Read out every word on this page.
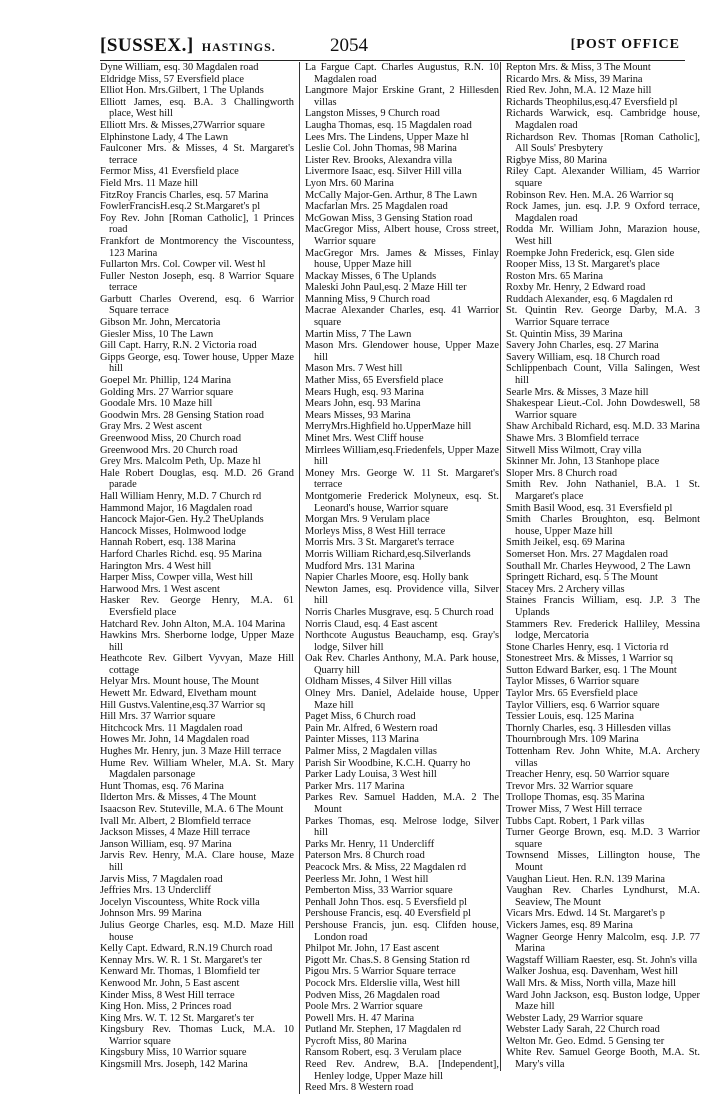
[SUSSEX.] HASTINGS.	2054	[POST OFFICE

Dyne William, esq. 30 Magdalen road

Eldridge Miss, 57 Eversfield place

Elliot Hon. Mrs.Gilbert, 1 The Uplands

Elliott James, esq. B.A. 3 Challingworth place, West hill

Elliott Mrs. & Misses,27Warrior square

Elphinstone Lady, 4 The Lawn

Faulconer Mrs. & Misses, 4 St. Margaret's terrace

Fermor Miss, 41 Eversfield place

Field Mrs. 11 Maze hill

FitzRoy Francis Charles, esq. 57 Marina

FowlerFrancisH.esq.2 St.Margaret's pl

Foy Rev. John [Roman Catholic], 1 Princes road

Frankfort de Montmorency the Viscountess, 123 Marina

Fullarton Mrs. Col. Cowper vil. West hl

Fuller Neston Joseph, esq. 8 Warrior Square terrace

Garbutt Charles Overend, esq. 6 Warrior Square terrace

Gibson Mr. John, Mercatoria

Giesler Miss, 10 The Lawn

Gill Capt. Harry, R.N. 2 Victoria road

Gipps George, esq. Tower house, Upper Maze hill

Goepel Mr. Phillip, 124 Marina

Golding Mrs. 27 Warrior square

Goodale Mrs. 10 Maze hill

Goodwin Mrs. 28 Gensing Station road

Gray Mrs. 2 West ascent

Greenwood Miss, 20 Church road

Greenwood Mrs. 20 Church road

Grey Mrs. Malcolm Peth, Up. Maze hl

Hale Robert Douglas, esq. M.D. 26 Grand parade

Hall William Henry, M.D. 7 Church rd

Hammond Major, 16 Magdalen road

Hancock Major-Gen. Hy.2 TheUplands

Hancock Misses, Holmwood lodge

Hannah Robert, esq. 138 Marina

Harford Charles Richd. esq. 95 Marina

Harington Mrs. 4 West hill

Harper Miss, Cowper villa, West hill

Harwood Mrs. 1 West ascent

Hasker Rev. George Henry, M.A. 61 Eversfield place

Hatchard Rev. John Alton, M.A. 104 Marina

Hawkins Mrs. Sherborne lodge, Upper Maze hill

Heathcote Rev. Gilbert Vyvyan, Maze Hill cottage

Helyar Mrs. Mount house, The Mount

Hewett Mr. Edward, Elvetham mount

Hill Gustvs.Valentine,esq.37 Warrior sq

Hill Mrs. 37 Warrior square

Hitchcock Mrs. 11 Magdalen road

Howes Mr. John, 14 Magdalen road

Hughes Mr. Henry, jun. 3 Maze Hill terrace

Hume Rev. William Wheler, M.A. St. Mary Magdalen parsonage

Hunt Thomas, esq. 76 Marina

Ilderton Mrs. & Misses, 4 The Mount

Isaacson Rev. Stuteville, M.A. 6 The Mount

Ivall Mr. Albert, 2 Blomfield terrace

Jackson Misses, 4 Maze Hill terrace

Janson William, esq. 97 Marina

Jarvis Rev. Henry, M.A. Clare house, Maze hill

Jarvis Miss, 7 Magdalen road

Jeffries Mrs. 13 Undercliff

Jocelyn Viscountess, White Rock villa

Johnson Mrs. 99 Marina

Julius George Charles, esq. M.D. Maze Hill house

Kelly Capt. Edward, R.N.19 Church road

Kennay Mrs. W. R. 1 St. Margaret's ter

Kenward Mr. Thomas, 1 Blomfield ter

Kenwood Mr. John, 5 East ascent

Kinder Miss, 8 West Hill terrace

King Hon. Miss, 2 Princes road

King Mrs. W. T. 12 St. Margaret's ter

Kingsbury Rev. Thomas Luck, M.A. 10 Warrior square

Kingsbury Miss, 10 Warrior square

Kingsmill Mrs. Joseph, 142 Marina

La Fargue Capt. Charles Augustus, R.N. 10 Magdalen road

Langmore Major Erskine Grant, 2 Hillesden villas

Langston Misses, 9 Church road

Laugha Thomas, esq. 15 Magdalen road

Lees Mrs. The Lindens, Upper Maze hl

Leslie Col. John Thomas, 98 Marina

Lister Rev. Brooks, Alexandra villa

Livermore Isaac, esq. Silver Hill villa

Lyon Mrs. 60 Marina

McCally Major-Gen. Arthur, 8 The Lawn

Macfarlan Mrs. 25 Magdalen road

McGowan Miss, 3 Gensing Station road

MacGregor Miss, Albert house, Cross street, Warrior square

MacGregor Mrs. James & Misses, Finlay house, Upper Maze hill

Mackay Misses, 6 The Uplands

Maleski John Paul,esq. 2 Maze Hill ter

Manning Miss, 9 Church road

Macrae Alexander Charles, esq. 41 Warrior square

Martin Miss, 7 The Lawn

Mason Mrs. Glendower house, Upper Maze hill

Mason Mrs. 7 West hill

Mather Miss, 65 Eversfield place

Mears Hugh, esq. 93 Marina

Mears John, esq. 93 Marina

Mears Misses, 93 Marina

MerryMrs.Highfield ho.UpperMaze hill

Minet Mrs. West Cliff house

Mirrlees William,esq.Friedenfels, Upper Maze hill

Money Mrs. George W. 11 St. Margaret's terrace

Montgomerie Frederick Molyneux, esq. St. Leonard's house, Warrior square

Morgan Mrs. 9 Verulam place

Morleys Miss, 8 West Hill terrace

Morris Mrs. 3 St. Margaret's terrace

Morris William Richard,esq.Silverlands

Mudford Mrs. 131 Marina

Napier Charles Moore, esq. Holly bank

Newton James, esq. Providence villa, Silver hill

Norris Charles Musgrave, esq. 5 Church road

Norris Claud, esq. 4 East ascent

Northcote Augustus Beauchamp, esq. Gray's lodge, Silver hill

Oak Rev. Charles Anthony, M.A. Park house, Quarry hill

Oldham Misses, 4 Silver Hill villas

Olney Mrs. Daniel, Adelaide house, Upper Maze hill

Paget Miss, 6 Church road

Pain Mr. Alfred, 6 Western road

Painter Misses, 113 Marina

Palmer Miss, 2 Magdalen villas

Parish Sir Woodbine, K.C.H. Quarry ho

Parker Lady Louisa, 3 West hill

Parker Mrs. 117 Marina

Parkes Rev. Samuel Hadden, M.A. 2 The Mount

Parkes Thomas, esq. Melrose lodge, Silver hill

Parks Mr. Henry, 11 Undercliff

Paterson Mrs. 8 Church road

Peacock Mrs. & Miss, 22 Magdalen rd

Peerless Mr. John, 1 West hill

Pemberton Miss, 33 Warrior square

Penhall John Thos. esq. 5 Eversfield pl

Pershouse Francis, esq. 40 Eversfield pl

Pershouse Francis, jun. esq. Clifden house, London road

Philpot Mr. John, 17 East ascent

Pigott Mr. Chas.S. 8 Gensing Station rd

Pigou Mrs. 5 Warrior Square terrace

Pocock Mrs. Elderslie villa, West hill

Podven Miss, 26 Magdalen road

Poole Mrs. 2 Warrior square

Powell Mrs. H. 47 Marina

Putland Mr. Stephen, 17 Magdalen rd

Pycroft Miss, 80 Marina

Ransom Robert, esq. 3 Verulam place

Reed Rev. Andrew, B.A. [Independent], Henley lodge, Upper Maze hill

Reed Mrs. 8 Western road

Repton Mrs. & Miss, 3 The Mount

Ricardo Mrs. & Miss, 39 Marina

Ried Rev. John, M.A. 12 Maze hill

Richards Theophilus,esq.47 Eversfield pl

Richards Warwick, esq. Cambridge house, Magdalen road

Richardson Rev. Thomas [Roman Catholic], All Souls' Presbytery

Rigbye Miss, 80 Marina

Riley Capt. Alexander William, 45 Warrior square

Robinson Rev. Hen. M.A. 26 Warrior sq

Rock James, jun. esq. J.P. 9 Oxford terrace, Magdalen road

Rodda Mr. William John, Marazion house, West hill

Roempke John Frederick, esq. Glen side

Rooper Miss, 13 St. Margaret's place

Roston Mrs. 65 Marina

Roxby Mr. Henry, 2 Edward road

Ruddach Alexander, esq. 6 Magdalen rd

St. Quintin Rev. George Darby, M.A. 3 Warrior Square terrace

St. Quintin Miss, 39 Marina

Savery John Charles, esq. 27 Marina

Savery William, esq. 18 Church road

Schlippenbach Count, Villa Salingen, West hill

Searle Mrs. & Misses, 3 Maze hill

Shakespear Lieut.-Col. John Dowdeswell, 58 Warrior square

Shaw Archibald Richard, esq. M.D. 33 Marina

Shawe Mrs. 3 Blomfield terrace

Sitwell Miss Wilmott, Cray villa

Skinner Mr. John, 13 Stanhope place

Sloper Mrs. 8 Church road

Smith Rev. John Nathaniel, B.A. 1 St. Margaret's place

Smith Basil Wood, esq. 31 Eversfield pl

Smith Charles Broughton, esq. Belmont house, Upper Maze hill

Smith Jeikel, esq. 69 Marina

Somerset Hon. Mrs. 27 Magdalen road

Southall Mr. Charles Heywood, 2 The Lawn

Springett Richard, esq. 5 The Mount

Stacey Mrs. 2 Archery villas

Staines Francis William, esq. J.P. 3 The Uplands

Stammers Rev. Frederick Halliley, Messina lodge, Mercatoria

Stone Charles Henry, esq. 1 Victoria rd

Stonestreet Mrs. & Misses, 1 Warrior sq

Sutton Edward Barker, esq. 1 The Mount

Taylor Misses, 6 Warrior square

Taylor Mrs. 65 Eversfield place

Taylor Villiers, esq. 6 Warrior square

Tessier Louis, esq. 125 Marina

Thornly Charles, esq. 3 Hillesden villas

Thournbrough Mrs. 109 Marina

Tottenham Rev. John White, M.A. Archery villas

Treacher Henry, esq. 50 Warrior square

Trevor Mrs. 32 Warrior square

Trollope Thomas, esq. 35 Marina

Trower Miss, 7 West Hill terrace

Tubbs Capt. Robert, 1 Park villas

Turner George Brown, esq. M.D. 3 Warrior square

Townsend Misses, Lillington house, The Mount

Vaughan Lieut. Hen. R.N. 139 Marina

Vaughan Rev. Charles Lyndhurst, M.A. Seaview, The Mount

Vicars Mrs. Edwd. 14 St. Margaret's p

Vickers James, esq. 89 Marina

Wagner George Henry Malcolm, esq. J.P. 77 Marina

Wagstaff William Raester, esq. St. John's villa

Walker Joshua, esq. Davenham, West hill

Wall Mrs. & Miss, North villa, Maze hill

Ward John Jackson, esq. Buston lodge, Upper Maze hill

Webster Lady, 29 Warrior square

Webster Lady Sarah, 22 Church road

Welton Mr. Geo. Edmd. 5 Gensing ter

White Rev. Samuel George Booth, M.A. St. Mary's villa
